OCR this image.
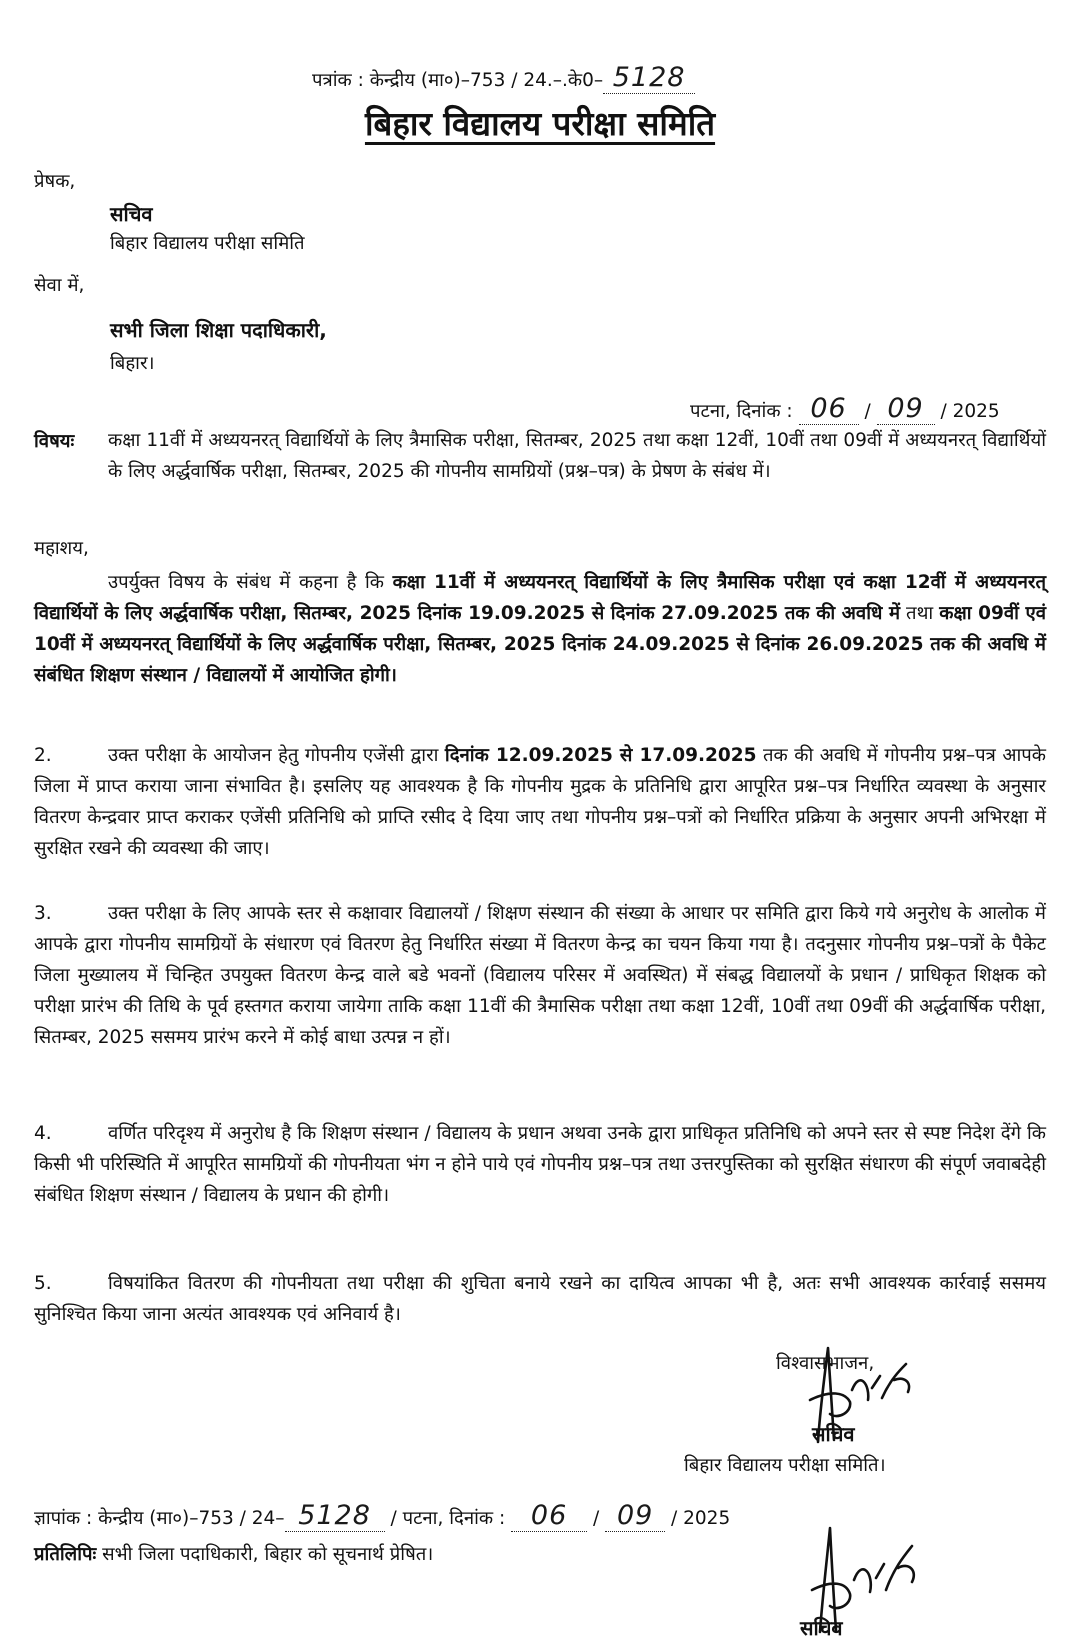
पत्रांक : केन्द्रीय (मा०)–753 / 24.–.के0– 5128
बिहार विद्यालय परीक्षा समिति
प्रेषक,
सचिव
बिहार विद्यालय परीक्षा समिति
सेवा में,
सभी जिला शिक्षा पदाधिकारी,
बिहार।
पटना, दिनांक : 06 / 09 / 2025
विषयः कक्षा 11वीं में अध्ययनरत् विद्यार्थियों के लिए त्रैमासिक परीक्षा, सितम्बर, 2025 तथा कक्षा 12वीं, 10वीं तथा 09वीं में अध्ययनरत् विद्यार्थियों के लिए अर्द्धवार्षिक परीक्षा, सितम्बर, 2025 की गोपनीय सामग्रियों (प्रश्न–पत्र) के प्रेषण के संबंध में।
महाशय,
उपर्युक्त विषय के संबंध में कहना है कि कक्षा 11वीं में अध्ययनरत् विद्यार्थियों के लिए त्रैमासिक परीक्षा एवं कक्षा 12वीं में अध्ययनरत् विद्यार्थियों के लिए अर्द्धवार्षिक परीक्षा, सितम्बर, 2025 दिनांक 19.09.2025 से दिनांक 27.09.2025 तक की अवधि में तथा कक्षा 09वीं एवं 10वीं में अध्ययनरत् विद्यार्थियों के लिए अर्द्धवार्षिक परीक्षा, सितम्बर, 2025 दिनांक 24.09.2025 से दिनांक 26.09.2025 तक की अवधि में संबंधित शिक्षण संस्थान / विद्यालयों में आयोजित होगी।
2.	उक्त परीक्षा के आयोजन हेतु गोपनीय एजेंसी द्वारा दिनांक 12.09.2025 से 17.09.2025 तक की अवधि में गोपनीय प्रश्न–पत्र आपके जिला में प्राप्त कराया जाना संभावित है। इसलिए यह आवश्यक है कि गोपनीय मुद्रक के प्रतिनिधि द्वारा आपूरित प्रश्न–पत्र निर्धारित व्यवस्था के अनुसार वितरण केन्द्रवार प्राप्त कराकर एजेंसी प्रतिनिधि को प्राप्ति रसीद दे दिया जाए तथा गोपनीय प्रश्न–पत्रों को निर्धारित प्रक्रिया के अनुसार अपनी अभिरक्षा में सुरक्षित रखने की व्यवस्था की जाए।
3.	उक्त परीक्षा के लिए आपके स्तर से कक्षावार विद्यालयों / शिक्षण संस्थान की संख्या के आधार पर समिति द्वारा किये गये अनुरोध के आलोक में आपके द्वारा गोपनीय सामग्रियों के संधारण एवं वितरण हेतु निर्धारित संख्या में वितरण केन्द्र का चयन किया गया है। तदनुसार गोपनीय प्रश्न–पत्रों के पैकेट जिला मुख्यालय में चिन्हित उपयुक्त वितरण केन्द्र वाले बडे भवनों (विद्यालय परिसर में अवस्थित) में संबद्ध विद्यालयों के प्रधान / प्राधिकृत शिक्षक को परीक्षा प्रारंभ की तिथि के पूर्व हस्तगत कराया जायेगा ताकि कक्षा 11वीं की त्रैमासिक परीक्षा तथा कक्षा 12वीं, 10वीं तथा 09वीं की अर्द्धवार्षिक परीक्षा, सितम्बर, 2025 ससमय प्रारंभ करने में कोई बाधा उत्पन्न न हों।
4.	वर्णित परिदृश्य में अनुरोध है कि शिक्षण संस्थान / विद्यालय के प्रधान अथवा उनके द्वारा प्राधिकृत प्रतिनिधि को अपने स्तर से स्पष्ट निदेश देंगे कि किसी भी परिस्थिति में आपूरित सामग्रियों की गोपनीयता भंग न होने पाये एवं गोपनीय प्रश्न–पत्र तथा उत्तरपुस्तिका को सुरक्षित संधारण की संपूर्ण जवाबदेही संबंधित शिक्षण संस्थान / विद्यालय के प्रधान की होगी।
5.	विषयांकित वितरण की गोपनीयता तथा परीक्षा की शुचिता बनाये रखने का दायित्व आपका भी है, अतः सभी आवश्यक कार्रवाई ससमय सुनिश्चित किया जाना अत्यंत आवश्यक एवं अनिवार्य है।
विश्वासभाजन,
सचिव
बिहार विद्यालय परीक्षा समिति।
ज्ञापांक : केन्द्रीय (मा०)–753 / 24– 5128 / पटना, दिनांक : 06 / 09 / 2025
प्रतिलिपिः सभी जिला पदाधिकारी, बिहार को सूचनार्थ प्रेषित।
सचिव
